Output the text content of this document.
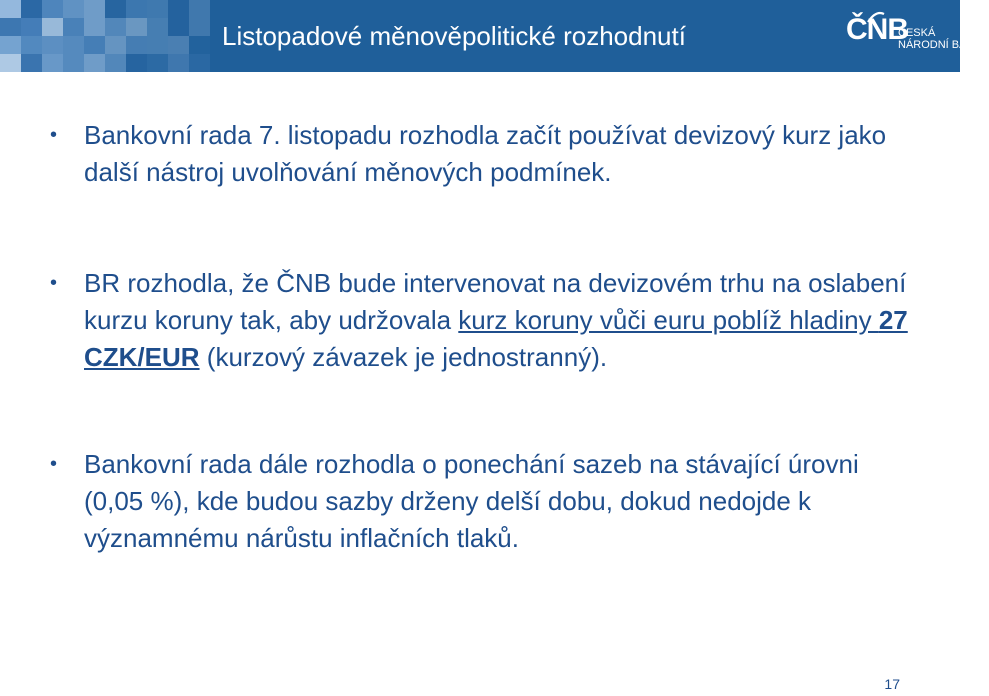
Listopadové měnověpolitické rozhodnutí	ČNB
ČESKÁ
NÁRODNÍ BANKA
•	Bankovní rada 7. listopadu rozhodla začít používat devizový kurz jako další nástroj uvolňování měnových podmínek.
•	BR rozhodla, že ČNB bude intervenovat na devizovém trhu na oslabení kurzu koruny tak, aby udržovala kurz koruny vůči euru poblíž hladiny 27 CZK/EUR (kurzový závazek je jednostranný).
•	Bankovní rada dále rozhodla o ponechání sazeb na stávající úrovni (0,05 %), kde budou sazby drženy delší dobu, dokud nedojde k významnému nárůstu inflačních tlaků.
17
